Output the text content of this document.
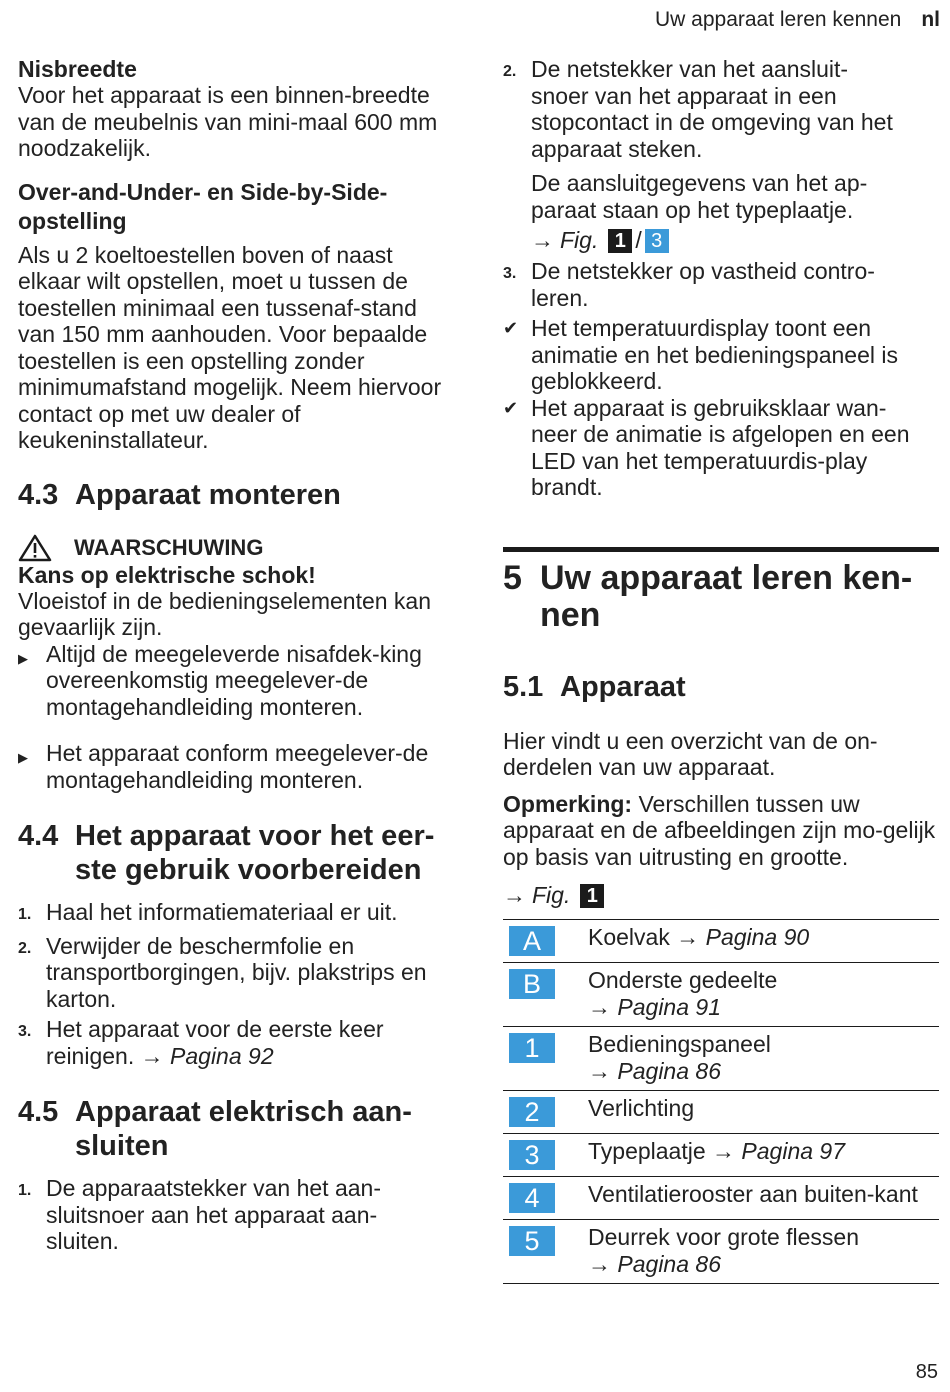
Uw apparaat leren kennen nl

Nisbreedte

Voor het apparaat is een binnen-breedte van de meubelnis van mini-maal 600 mm noodzakelijk.

Over-and-Under- en Side-by-Side-opstelling

Als u 2 koeltoestellen boven of naast elkaar wilt opstellen, moet u tussen de toestellen minimaal een tussenaf-stand van 150 mm aanhouden. Voor bepaalde toestellen is een opstelling zonder minimumafstand mogelijk. Neem hiervoor contact op met uw dealer of keukeninstallateur.

4.3 Apparaat monteren

WAARSCHUWING

Kans op elektrische schok!

Vloeistof in de bedieningselementen kan gevaarlijk zijn.

▶ Altijd de meegeleverde nisafdek-king overeenkomstig meegelever-de montagehandleiding monteren.
▶ Het apparaat conform meegelever-de montagehandleiding monteren.
4.4 Het apparaat voor het eer-ste gebruik voorbereiden
1. Haal het informatiemateriaal er uit.
2. Verwijder de beschermfolie en transportborgingen, bijv. plakstrips en karton.
3. Het apparaat voor de eerste keer reinigen. → Pagina 92
4.5 Apparaat elektrisch aan-sluiten
1. De apparaatstekker van het aan-sluitsnoer aan het apparaat aan-sluiten.
2. De netstekker van het aansluit-snoer van het apparaat in een stopcontact in de omgeving van het apparaat steken.

De aansluitgegevens van het ap-paraat staan op het typeplaatje.

→ Fig. 1 / 3
3. De netstekker op vastheid contro-leren.
✔ Het temperatuurdisplay toont een animatie en het bedieningspaneel is geblokkeerd.
✔ Het apparaat is gebruiksklaar wan-neer de animatie is afgelopen en een LED van het temperatuurdis-play brandt.
5 Uw apparaat leren ken-nen
5.1 Apparaat

Hier vindt u een overzicht van de on-derdelen van uw apparaat.

Opmerking: Verschillen tussen uw apparaat en de afbeeldingen zijn mo-gelijk op basis van uitrusting en grootte.

→ Fig. 1
A	Koelvak → Pagina 90
B	Onderste gedeelte
→ Pagina 91
1	Bedieningspaneel
→ Pagina 86
2	Verlichting
3	Typeplaatje → Pagina 97
4	Ventilatierooster aan buiten-kant
5	Deurrek voor grote flessen
→ Pagina 86
85
